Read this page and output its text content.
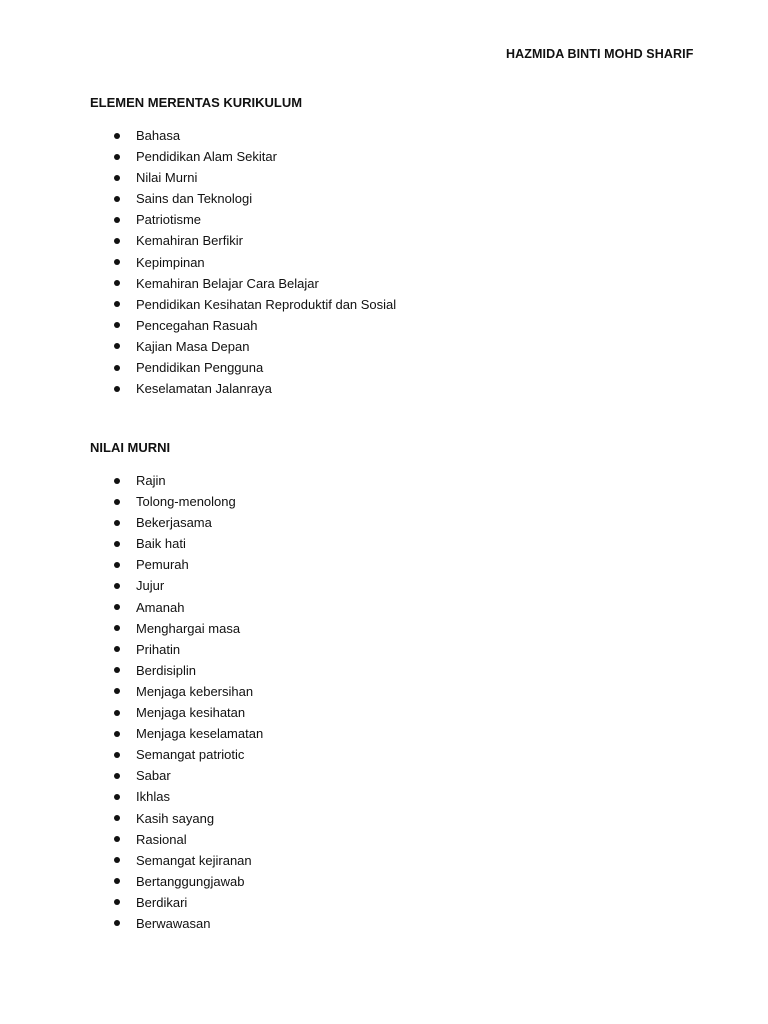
HAZMIDA BINTI MOHD SHARIF
ELEMEN MERENTAS KURIKULUM
Bahasa
Pendidikan Alam Sekitar
Nilai Murni
Sains dan Teknologi
Patriotisme
Kemahiran Berfikir
Kepimpinan
Kemahiran Belajar Cara Belajar
Pendidikan Kesihatan Reproduktif dan Sosial
Pencegahan Rasuah
Kajian Masa Depan
Pendidikan Pengguna
Keselamatan Jalanraya
NILAI MURNI
Rajin
Tolong-menolong
Bekerjasama
Baik hati
Pemurah
Jujur
Amanah
Menghargai masa
Prihatin
Berdisiplin
Menjaga kebersihan
Menjaga kesihatan
Menjaga keselamatan
Semangat patriotic
Sabar
Ikhlas
Kasih sayang
Rasional
Semangat kejiranan
Bertanggungjawab
Berdikari
Berwawasan
